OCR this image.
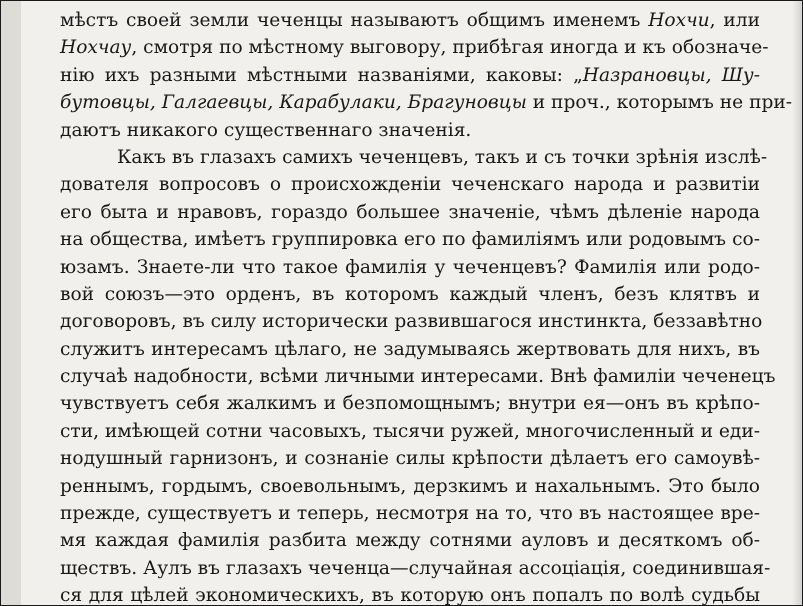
мѣстъ своей земли чеченцы называютъ общимъ именемъ Нохчи, или
Нохчау, смотря по мѣстному выговору, прибѣгая иногда и къ обозначе-
нію ихъ разными мѣстными названіями, каковы: „Назрановцы, Шу-
бутовцы, Галгаевцы, Карабулаки, Брагуновцы и проч., которымъ не при-
даютъ никакого существеннаго значенія.
Какъ въ глазахъ самихъ чеченцевъ, такъ и съ точки зрѣнія изслѣ-
дователя вопросовъ о происхожденіи чеченскаго народа и развитіи
его быта и нравовъ, гораздо большее значеніе, чѣмъ дѣленіе народа
на общества, имѣетъ группировка его по фамиліямъ или родовымъ со-
юзамъ. Знаете-ли что такое фамилія у чеченцевъ? Фамилія или родо-
вой союзъ—это орденъ, въ которомъ каждый членъ, безъ клятвъ и
договоровъ, въ силу исторически развившагося инстинкта, беззавѣтно
служитъ интересамъ цѣлаго, не задумываясь жертвовать для нихъ, въ
случаѣ надобности, всѣми личными интересами. Внѣ фамиліи чеченецъ
чувствуетъ себя жалкимъ и безпомощнымъ; внутри ея—онъ въ крѣпо-
сти, имѣющей сотни часовыхъ, тысячи ружей, многочисленный и еди-
нодушный гарнизонъ, и сознаніе силы крѣпости дѣлаетъ его самоувѣ-
реннымъ, гордымъ, своевольнымъ, дерзкимъ и нахальнымъ. Это было
прежде, существуетъ и теперь, несмотря на то, что въ настоящее вре-
мя каждая фамилія разбита между сотнями ауловъ и десяткомъ об-
ществъ. Аулъ въ глазахъ чеченца—случайная ассоціація, соединившая-
ся для цѣлей экономическихъ, въ которую онъ попалъ по волѣ судьбы
